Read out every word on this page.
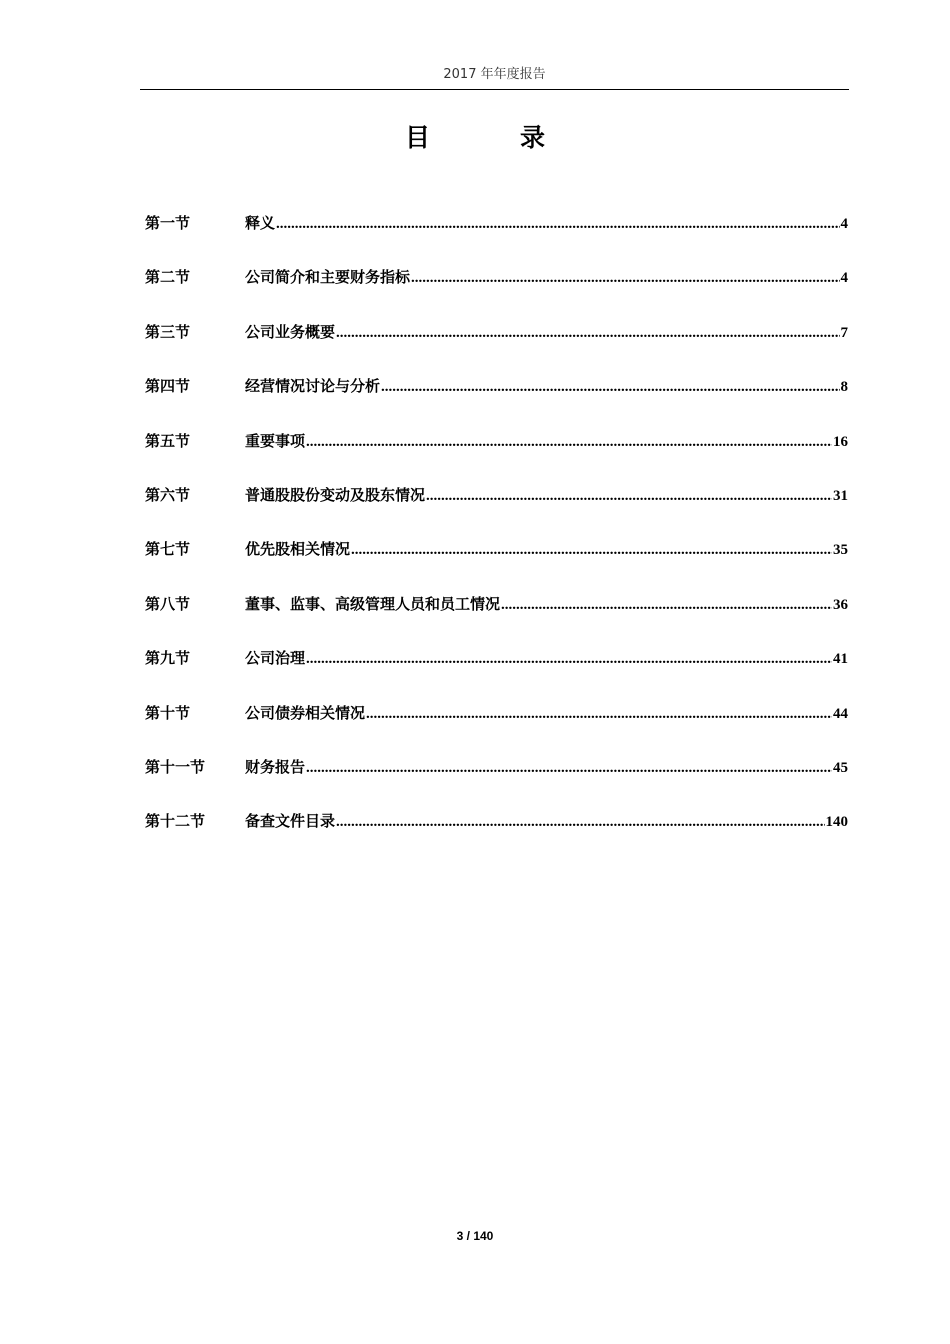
2017 年年度报告
目	录
第一节	释义 .....	4
第二节	公司简介和主要财务指标 .....	4
第三节	公司业务概要 .....	7
第四节	经营情况讨论与分析 .....	8
第五节	重要事项 .....	16
第六节	普通股股份变动及股东情况 .....	31
第七节	优先股相关情况 .....	35
第八节	董事、监事、高级管理人员和员工情况 .....	36
第九节	公司治理 .....	41
第十节	公司债券相关情况 .....	44
第十一节	财务报告 .....	45
第十二节	备查文件目录 .....	140
3 / 140
